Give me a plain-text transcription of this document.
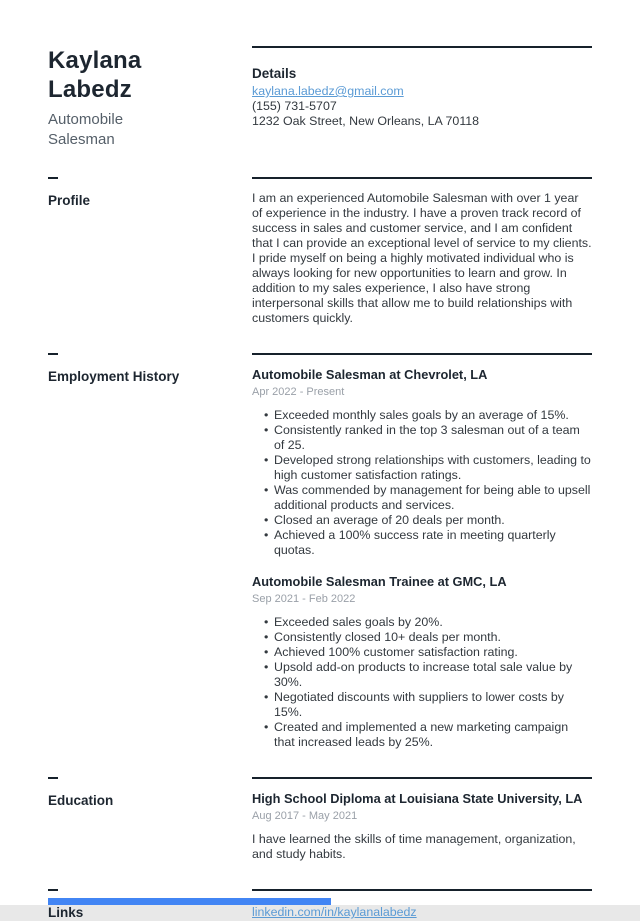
Kaylana Labedz

Automobile Salesman

Details

kaylana.labedz@gmail.com

(155) 731-5707

1232 Oak Street, New Orleans, LA 70118

Profile	I am an experienced Automobile Salesman with over 1 year of experience in the industry. I have a proven track record of success in sales and customer service, and I am confident that I can provide an exceptional level of service to my clients. I pride myself on being a highly motivated individual who is always looking for new opportunities to learn and grow. In addition to my sales experience, I also have strong interpersonal skills that allow me to build relationships with customers quickly.

Employment History	Automobile Salesman at Chevrolet, LA

Apr 2022 - Present

• Exceeded monthly sales goals by an average of 15%.
• Consistently ranked in the top 3 salesman out of a team of 25.
• Developed strong relationships with customers, leading to high customer satisfaction ratings.
• Was commended by management for being able to upsell additional products and services.
• Closed an average of 20 deals per month.
• Achieved a 100% success rate in meeting quarterly quotas.
Automobile Salesman Trainee at GMC, LA

Sep 2021 - Feb 2022

• Exceeded sales goals by 20%.
• Consistently closed 10+ deals per month.
• Achieved 100% customer satisfaction rating.
• Upsold add-on products to increase total sale value by 30%.
• Negotiated discounts with suppliers to lower costs by 15%.
• Created and implemented a new marketing campaign that increased leads by 25%.
Education	High School Diploma at Louisiana State University, LA

Aug 2017 - May 2021

I have learned the skills of time management, organization, and study habits.

Links	linkedin.com/in/kaylanalabedz
